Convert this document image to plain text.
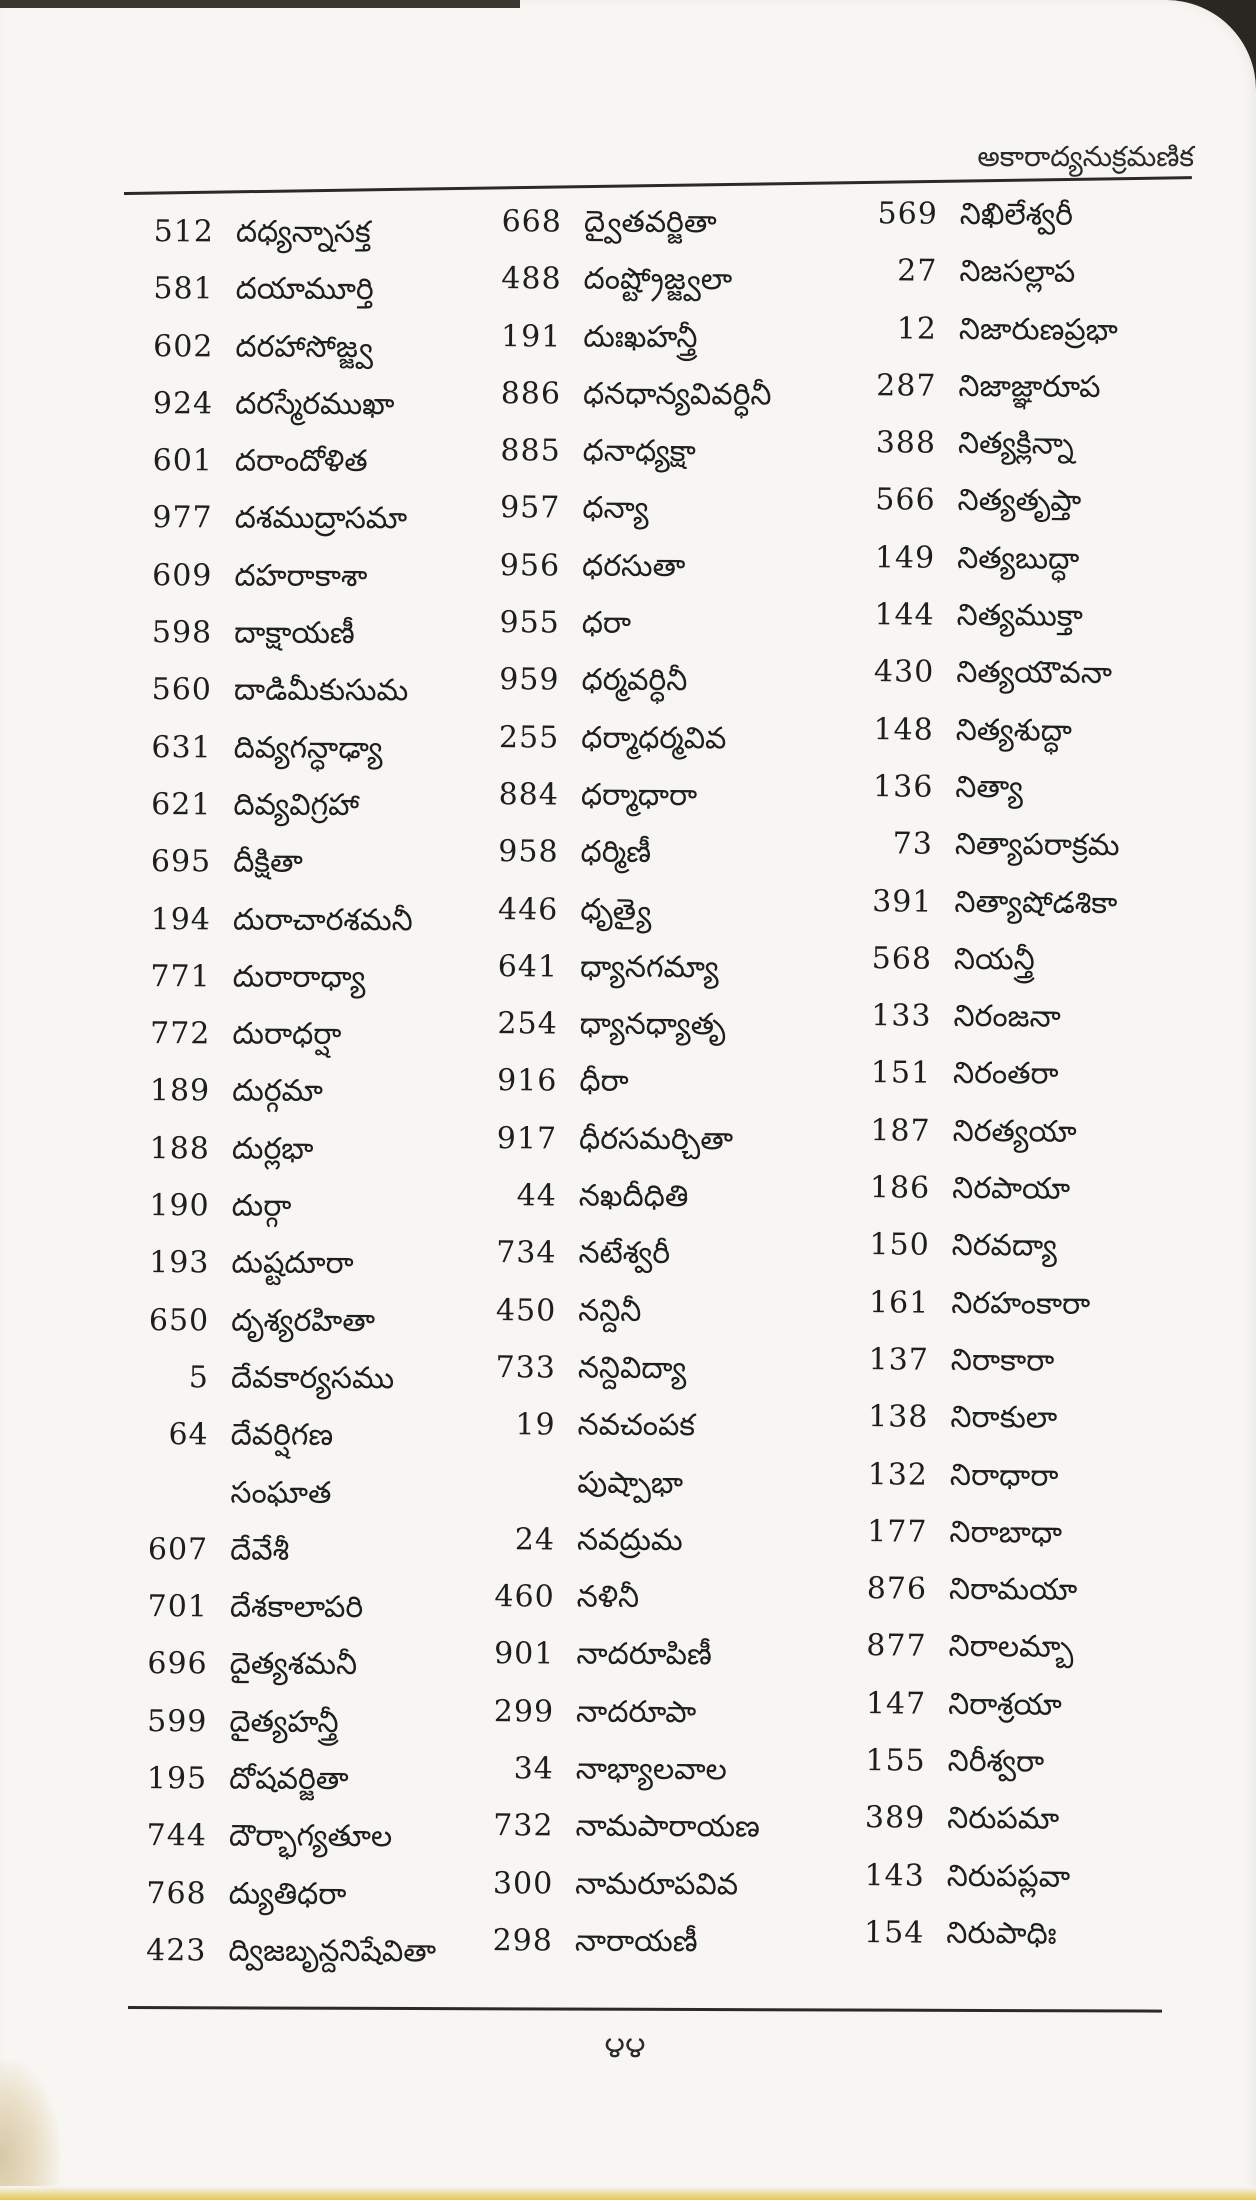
అకారాద్యనుక్రమణిక
512 దధ్యన్నాసక్త
581 దయామూర్తి
602 దరహాసోజ్జ్వ
924 దరస్మేరముఖా
601 దరాందోళిత
977 దశముద్రాసమా
609 దహరాకాశా
598 దాక్షాయణీ
560 దాడిమీకుసుమ
631 దివ్యగన్ధాఢ్యా
621 దివ్యవిగ్రహా
695 దీక్షితా
194 దురాచారశమనీ
771 దురారాధ్యా
772 దురాధర్షా
189 దుర్గమా
188 దుర్లభా
190 దుర్గా
193 దుష్టదూరా
650 దృశ్యరహితా
5 దేవకార్యసము
64 దేవర్షిగణ
సంఘాత
607 దేవేశీ
701 దేశకాలాపరి
696 దైత్యశమనీ
599 దైత్యహన్త్రీ
195 దోషవర్జితా
744 దౌర్భాగ్యతూల
768 ద్యుతిధరా
423 ద్విజబృన్దనిషేవితా
668 ద్వైతవర్జితా
488 దంష్ట్రోజ్జ్వలా
191 దుఃఖహన్త్రీ
886 ధనధాన్యవివర్ధినీ
885 ధనాధ్యక్షా
957 ధన్యా
956 ధరసుతా
955 ధరా
959 ధర్మవర్ధినీ
255 ధర్మాధర్మవివ
884 ధర్మాధారా
958 ధర్మిణీ
446 ధృత్యై
641 ధ్యానగమ్యా
254 ధ్యానధ్యాతృ
916 ధీరా
917 ధీరసమర్చితా
44 నఖదీధితి
734 నటేశ్వరీ
450 నన్దినీ
733 నన్దివిద్యా
19 నవచంపక
పుష్పాభా
24 నవద్రుమ
460 నళినీ
901 నాదరూపిణీ
299 నాదరూపా
34 నాభ్యాలవాల
732 నామపారాయణ
300 నామరూపవివ
298 నారాయణీ
569 నిఖిలేశ్వరీ
27 నిజసల్లాప
12 నిజారుణప్రభా
287 నిజాజ్ఞారూప
388 నిత్యక్లిన్నా
566 నిత్యతృప్తా
149 నిత్యబుద్ధా
144 నిత్యముక్తా
430 నిత్యయౌవనా
148 నిత్యశుద్ధా
136 నిత్యా
73 నిత్యాపరాక్రమ
391 నిత్యాషోడశికా
568 నియన్త్రీ
133 నిరంజనా
151 నిరంతరా
187 నిరత్యయా
186 నిరపాయా
150 నిరవద్యా
161 నిరహంకారా
137 నిరాకారా
138 నిరాకులా
132 నిరాధారా
177 నిరాబాధా
876 నిరామయా
877 నిరాలమ్బా
147 నిరాశ్రయా
155 నిరీశ్వరా
389 నిరుపమా
143 నిరుపప్లవా
154 నిరుపాధిః
౪౪
